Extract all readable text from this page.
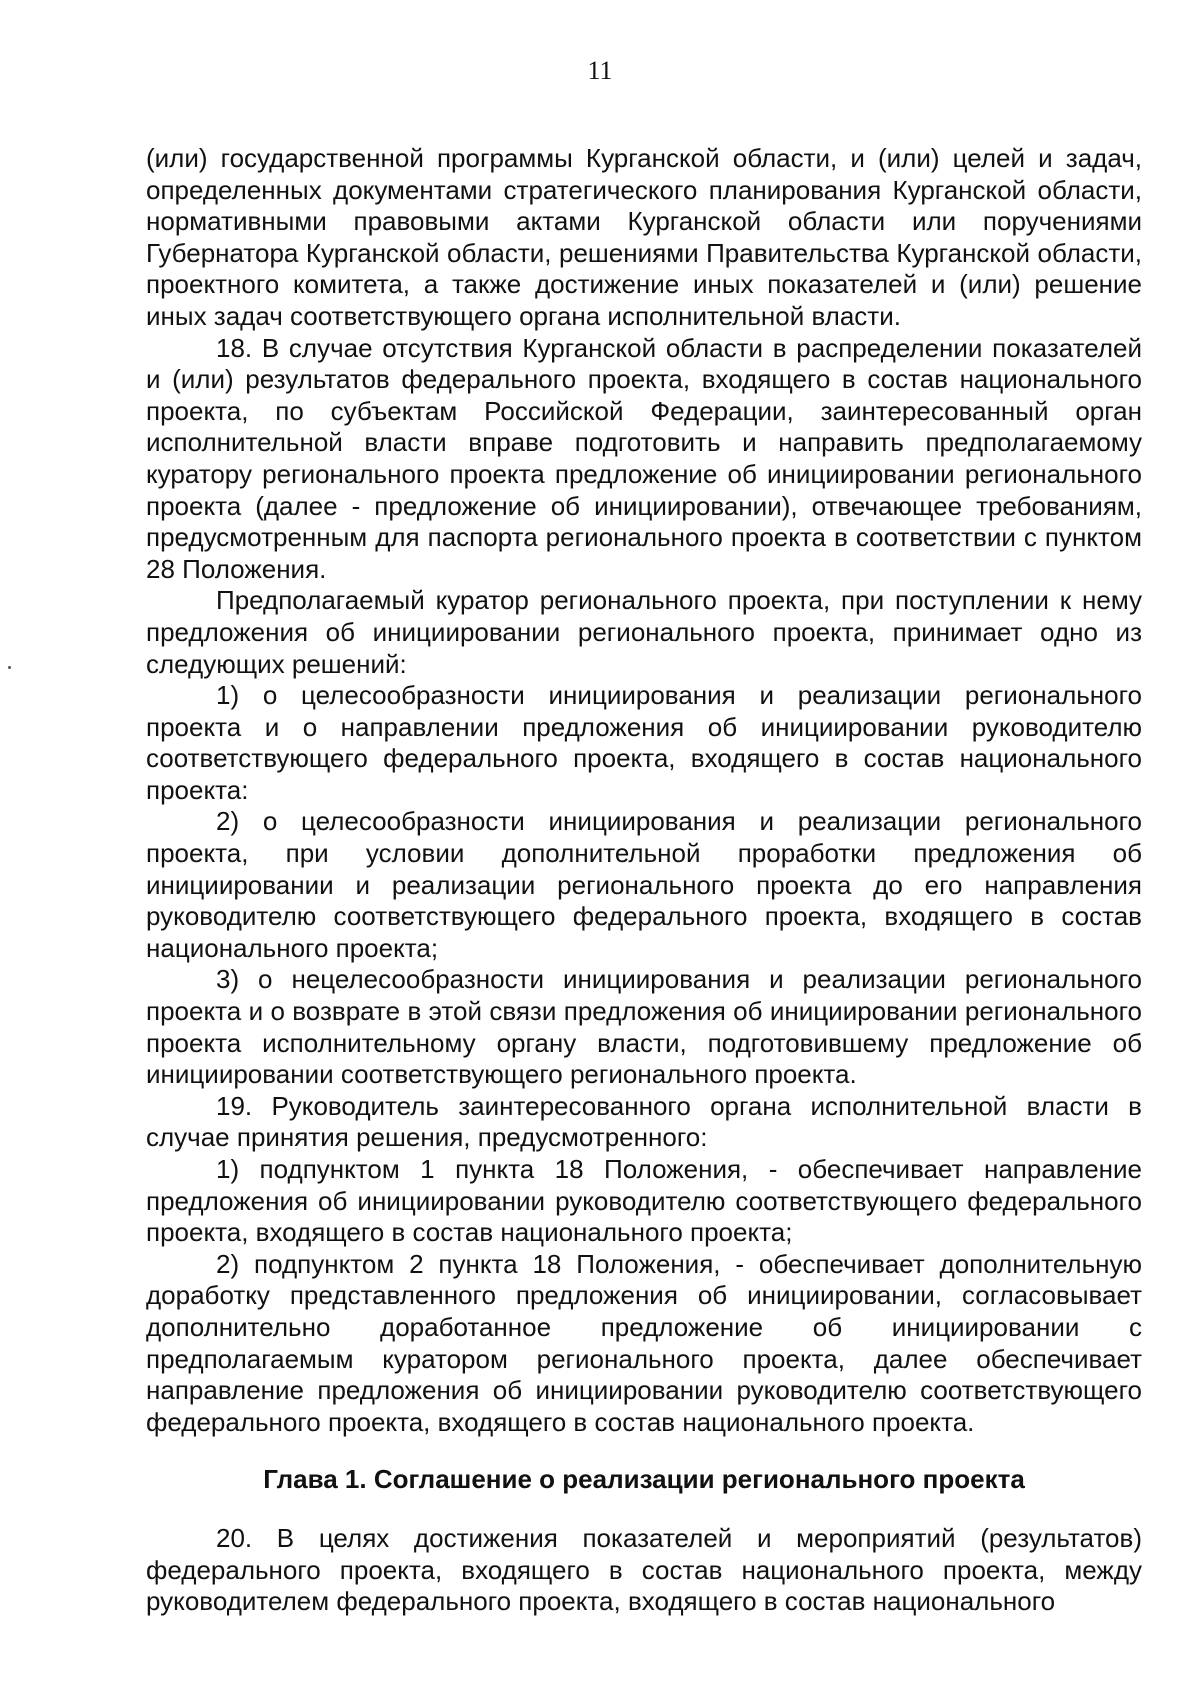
11

(или) государственной программы Курганской области, и (или) целей и задач, определенных документами стратегического планирования Курганской области, нормативными правовыми актами Курганской области или поручениями Губернатора Курганской области, решениями Правительства Курганской области, проектного комитета, а также достижение иных показателей и (или) решение иных задач соответствующего органа исполнительной власти.

18. В случае отсутствия Курганской области в распределении показателей и (или) результатов федерального проекта, входящего в состав национального проекта, по субъектам Российской Федерации, заинтересованный орган исполнительной власти вправе подготовить и направить предполагаемому куратору регионального проекта предложение об инициировании регионального проекта (далее - предложение об инициировании), отвечающее требованиям, предусмотренным для паспорта регионального проекта в соответствии с пунктом 28 Положения.

Предполагаемый куратор регионального проекта, при поступлении к нему предложения об инициировании регионального проекта, принимает одно из следующих решений:

1) о целесообразности инициирования и реализации регионального проекта и о направлении предложения об инициировании руководителю соответствующего федерального проекта, входящего в состав национального проекта:

2) о целесообразности инициирования и реализации регионального проекта, при условии дополнительной проработки предложения об инициировании и реализации регионального проекта до его направления руководителю соответствующего федерального проекта, входящего в состав национального проекта;

3) о нецелесообразности инициирования и реализации регионального проекта и о возврате в этой связи предложения об инициировании регионального проекта исполнительному органу власти, подготовившему предложение об инициировании соответствующего регионального проекта.

19. Руководитель заинтересованного органа исполнительной власти в случае принятия решения, предусмотренного:

1) подпунктом 1 пункта 18 Положения, - обеспечивает направление предложения об инициировании руководителю соответствующего федерального проекта, входящего в состав национального проекта;

2) подпунктом 2 пункта 18 Положения, - обеспечивает дополнительную доработку представленного предложения об инициировании, согласовывает дополнительно доработанное предложение об инициировании с предполагаемым куратором регионального проекта, далее обеспечивает направление предложения об инициировании руководителю соответствующего федерального проекта, входящего в состав национального проекта.

Глава 1. Соглашение о реализации регионального проекта

20. В целях достижения показателей и мероприятий (результатов) федерального проекта, входящего в состав национального проекта, между руководителем федерального проекта, входящего в состав национального
